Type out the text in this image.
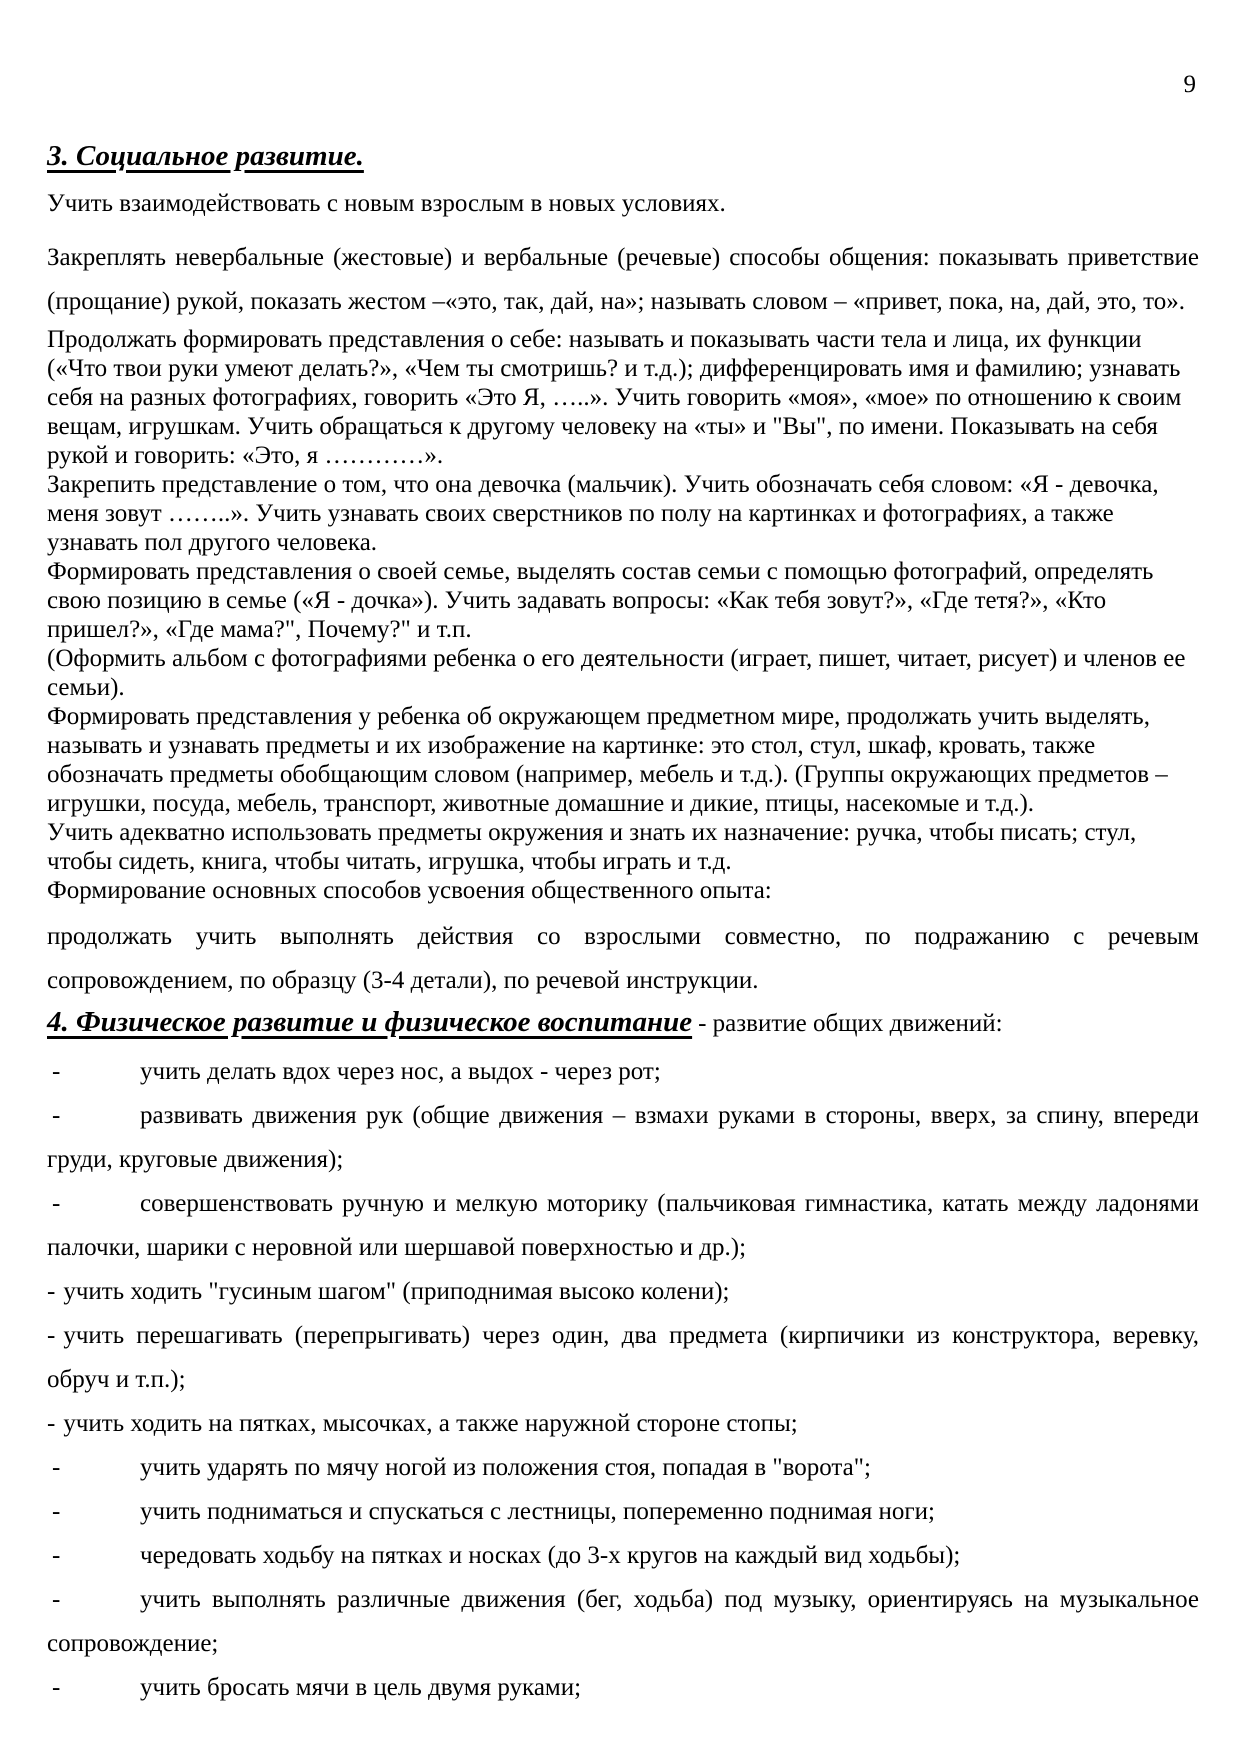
9
3. Социальное развитие.

Учить взаимодействовать с новым взрослым в новых условиях.

Закреплять невербальные (жестовые) и вербальные (речевые) способы общения: показывать приветствие (прощание) рукой, показать жестом –«это, так, дай, на»; называть словом – «привет, пока, на, дай, это, то».

Продолжать формировать представления о себе: называть и показывать части тела и лица, их функции («Что твои руки умеют делать?», «Чем ты смотришь? и т.д.); дифференцировать имя и фамилию; узнавать себя на разных фотографиях, говорить «Это Я, …..». Учить говорить «моя», «мое» по отношению к своим вещам, игрушкам. Учить обращаться к другому человеку на «ты» и "Вы", по имени. Показывать на себя рукой и говорить: «Это, я …………».

Закрепить представление о том, что она девочка (мальчик). Учить обозначать себя словом: «Я - девочка, меня зовут ……..». Учить узнавать своих сверстников по полу на картинках и фотографиях, а также узнавать пол другого человека.

Формировать представления о своей семье, выделять состав семьи с помощью фотографий, определять свою позицию в семье («Я - дочка»). Учить задавать вопросы: «Как тебя зовут?», «Где тетя?», «Кто пришел?», «Где мама?", Почему?" и т.п.

(Оформить альбом с фотографиями ребенка о его деятельности (играет, пишет, читает, рисует) и членов ее семьи).

Формировать представления у ребенка об окружающем предметном мире, продолжать учить выделять, называть и узнавать предметы и их изображение на картинке: это стол, стул, шкаф, кровать, также обозначать предметы обобщающим словом (например, мебель и т.д.). (Группы окружающих предметов – игрушки, посуда, мебель, транспорт, животные домашние и дикие, птицы, насекомые и т.д.).

Учить адекватно использовать предметы окружения и знать их назначение: ручка, чтобы писать; стул, чтобы сидеть, книга, чтобы читать, игрушка, чтобы играть и т.д.

Формирование основных способов усвоения общественного опыта:

продолжать учить выполнять действия со взрослыми совместно, по подражанию с речевым сопровождением, по образцу (3-4 детали), по речевой инструкции.

4. Физическое развитие и физическое воспитание - развитие общих движений:
-	учить делать вдох через нос, а выдох - через рот;
-	развивать движения рук (общие движения – взмахи руками в стороны, вверх, за спину, впереди груди, круговые движения);
-	совершенствовать ручную и мелкую моторику (пальчиковая гимнастика, катать между ладонями палочки, шарики с неровной или шершавой поверхностью и др.);
- учить ходить "гусиным шагом" (приподнимая высоко колени);
- учить перешагивать (перепрыгивать) через один, два предмета (кирпичики из конструктора, веревку, обруч и т.п.);
- учить ходить на пятках, мысочках, а также наружной стороне стопы;
-	учить ударять по мячу ногой из положения стоя, попадая в "ворота";
-	учить подниматься и спускаться с лестницы, попеременно поднимая ноги;
-	чередовать ходьбу на пятках и носках (до 3-х кругов на каждый вид ходьбы);
-	учить выполнять различные движения (бег, ходьба) под музыку, ориентируясь на музыкальное сопровождение;
-	учить бросать мячи в цель двумя руками;
